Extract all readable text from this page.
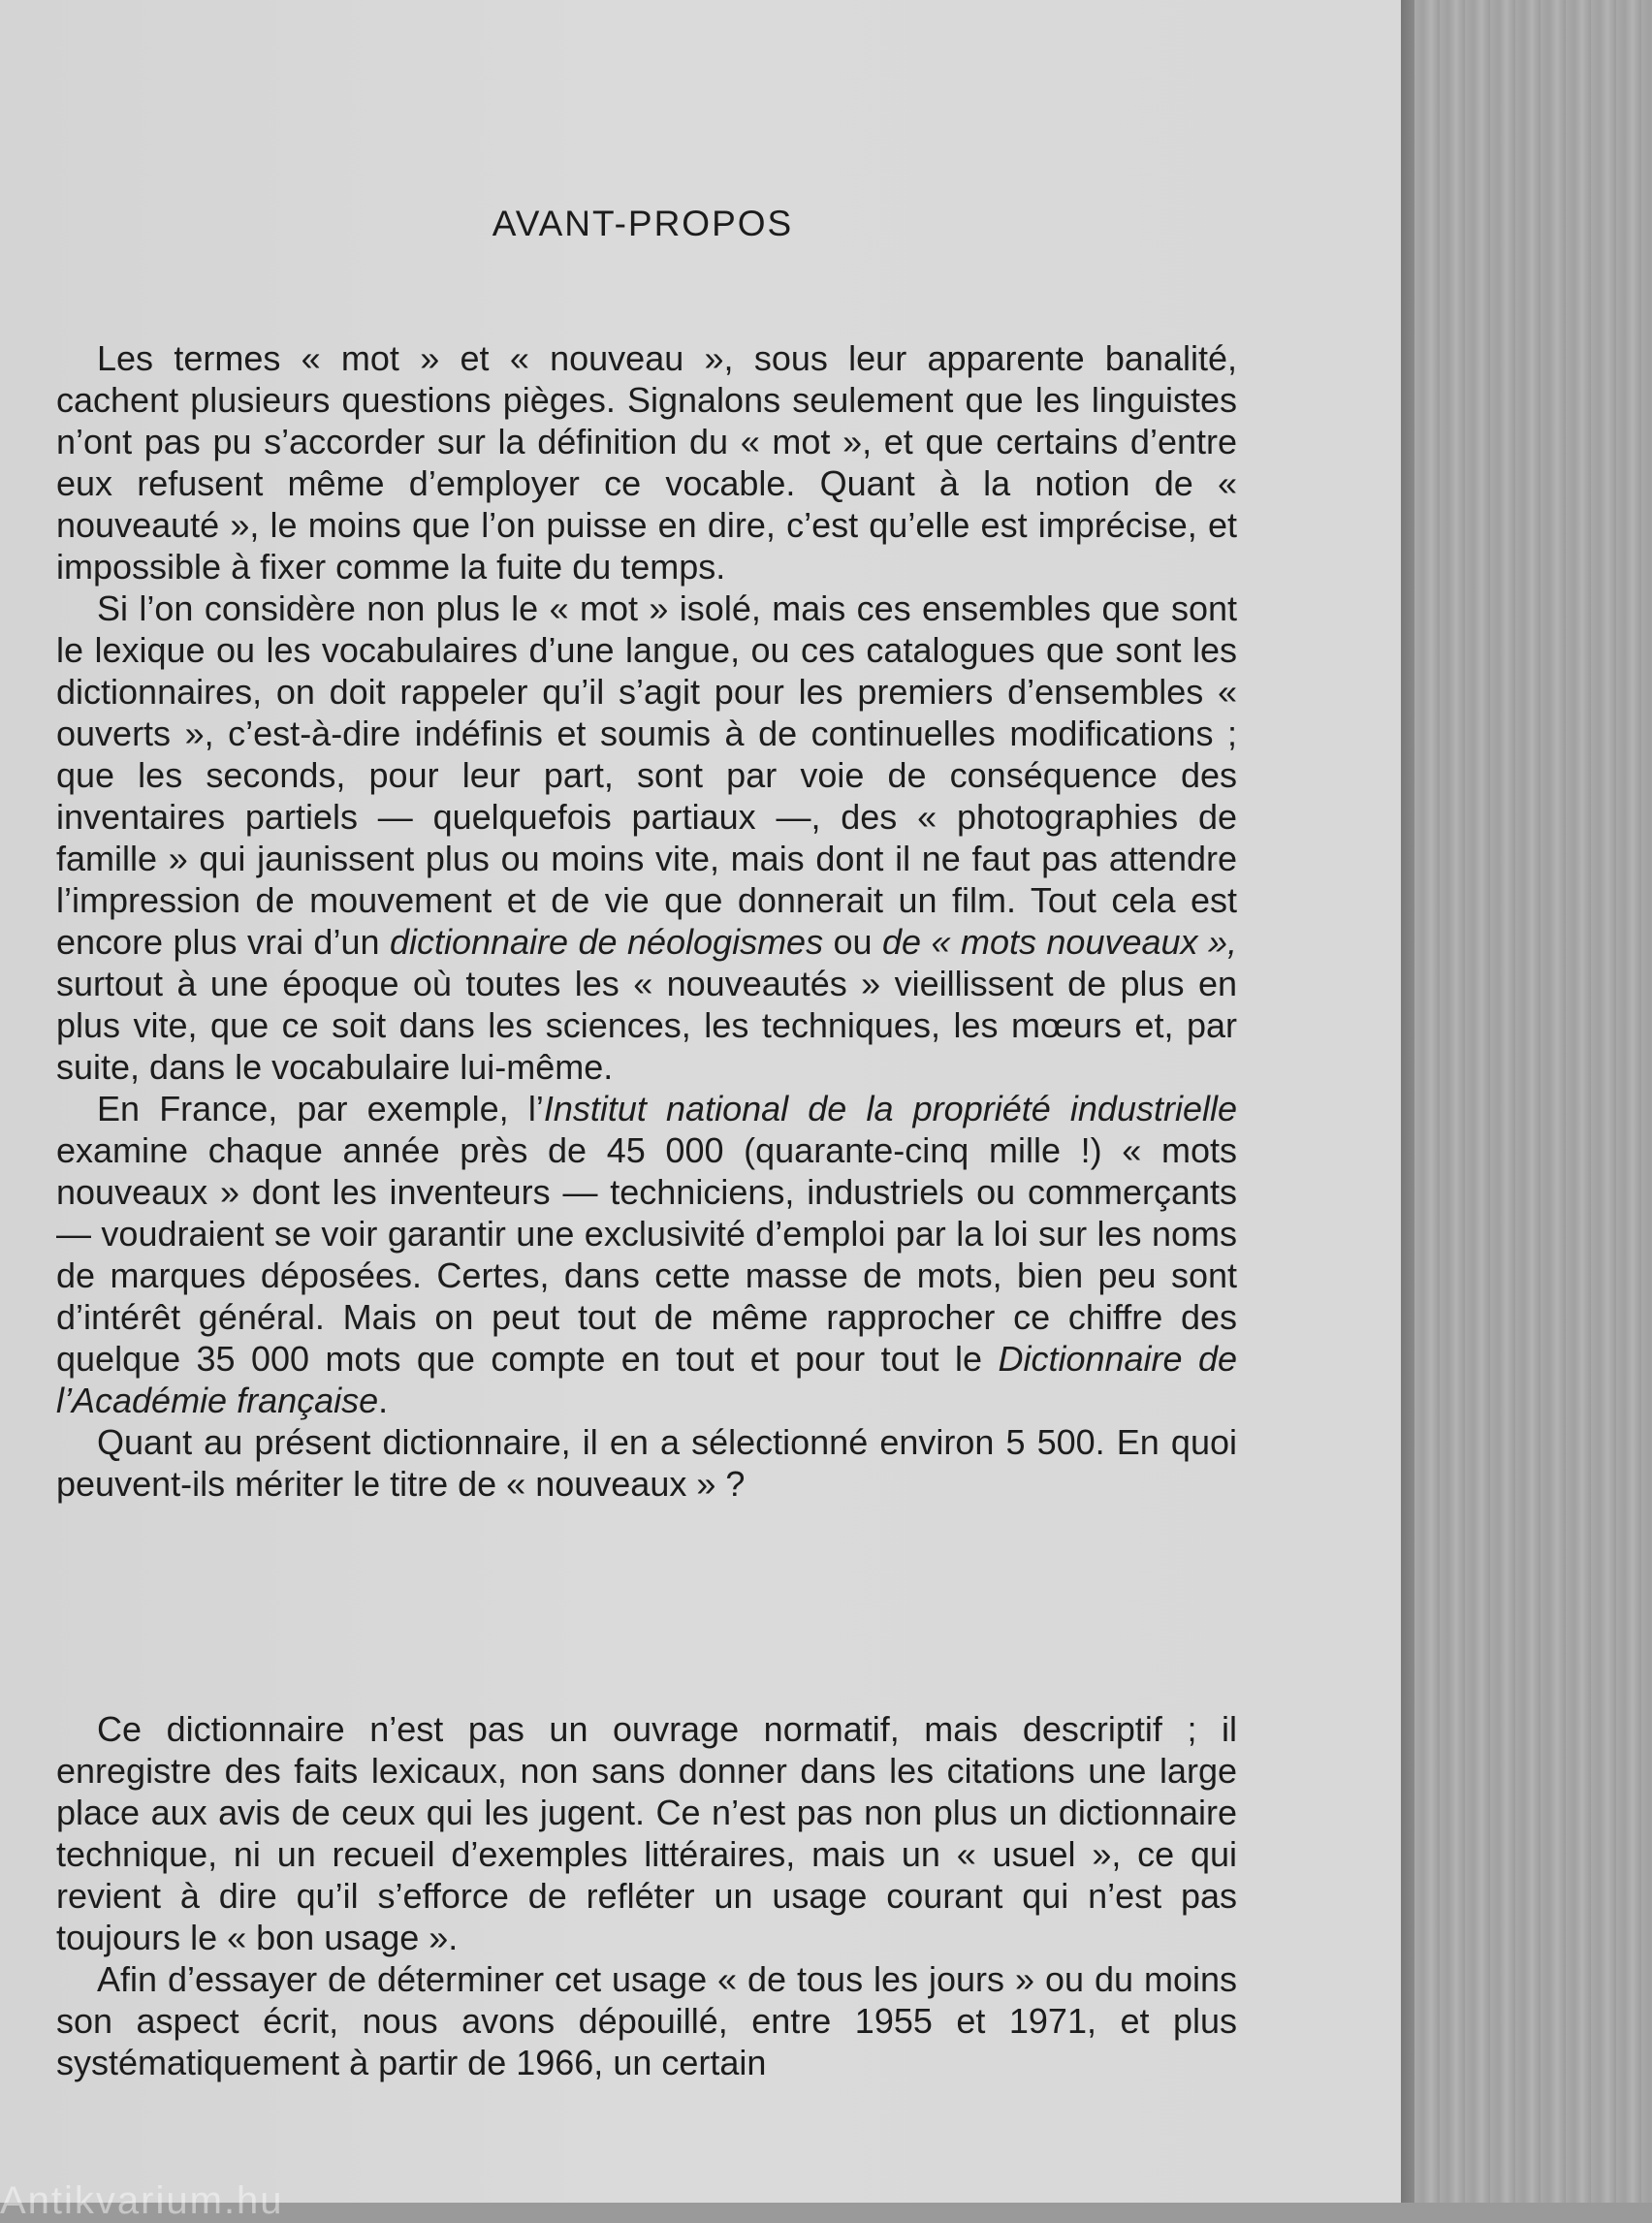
AVANT-PROPOS

Les termes « mot » et « nouveau », sous leur apparente banalité, cachent plusieurs questions pièges. Signalons seulement que les linguistes n’ont pas pu s’accorder sur la définition du « mot », et que certains d’entre eux refusent même d’employer ce vocable. Quant à la notion de « nouveauté », le moins que l’on puisse en dire, c’est qu’elle est imprécise, et impossible à fixer comme la fuite du temps.

Si l’on considère non plus le « mot » isolé, mais ces ensembles que sont le lexique ou les vocabulaires d’une langue, ou ces catalogues que sont les dictionnaires, on doit rappeler qu’il s’agit pour les premiers d’ensembles « ouverts », c’est-à-dire indéfinis et soumis à de continuelles modifications ; que les seconds, pour leur part, sont par voie de conséquence des inventaires partiels — quelquefois partiaux —, des « photographies de famille » qui jaunissent plus ou moins vite, mais dont il ne faut pas attendre l’impression de mouvement et de vie que donnerait un film. Tout cela est encore plus vrai d’un dictionnaire de néologismes ou de « mots nouveaux », surtout à une époque où toutes les « nouveautés » vieillissent de plus en plus vite, que ce soit dans les sciences, les techniques, les mœurs et, par suite, dans le vocabulaire lui-même.

En France, par exemple, l’Institut national de la propriété industrielle examine chaque année près de 45 000 (quarante-cinq mille !) « mots nouveaux » dont les inventeurs — techniciens, industriels ou commerçants — voudraient se voir garantir une exclusivité d’emploi par la loi sur les noms de marques déposées. Certes, dans cette masse de mots, bien peu sont d’intérêt général. Mais on peut tout de même rapprocher ce chiffre des quelque 35 000 mots que compte en tout et pour tout le Dictionnaire de l’Académie française.

Quant au présent dictionnaire, il en a sélectionné environ 5 500. En quoi peuvent-ils mériter le titre de « nouveaux » ?

Ce dictionnaire n’est pas un ouvrage normatif, mais descriptif ; il enregistre des faits lexicaux, non sans donner dans les citations une large place aux avis de ceux qui les jugent. Ce n’est pas non plus un dictionnaire technique, ni un recueil d’exemples littéraires, mais un « usuel », ce qui revient à dire qu’il s’efforce de refléter un usage courant qui n’est pas toujours le « bon usage ».

Afin d’essayer de déterminer cet usage « de tous les jours » ou du moins son aspect écrit, nous avons dépouillé, entre 1955 et 1971, et plus systématiquement à partir de 1966, un certain

Antikvarium.hu
